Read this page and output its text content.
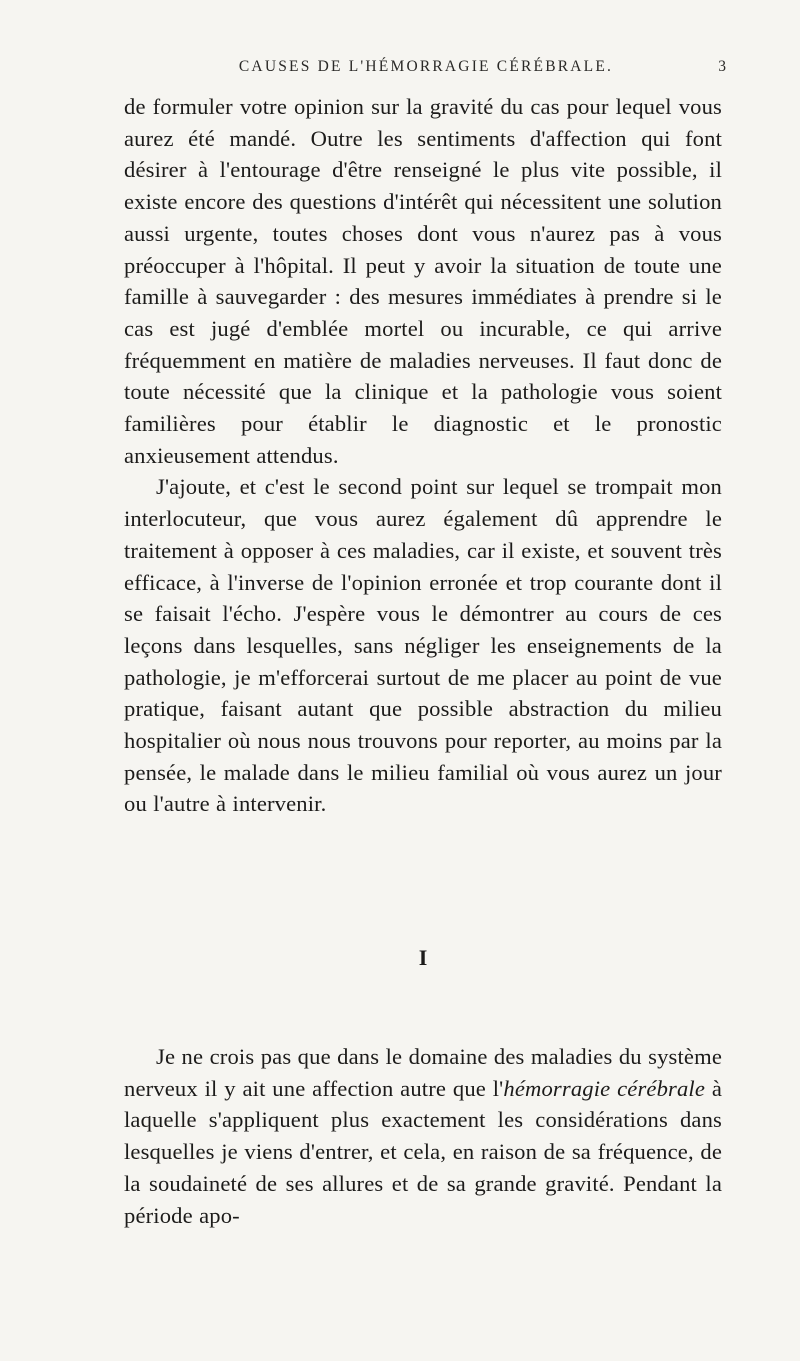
CAUSES DE L'HÉMORRAGIE CÉRÉBRALE.	3

de formuler votre opinion sur la gravité du cas pour lequel vous aurez été mandé. Outre les sentiments d'affection qui font désirer à l'entourage d'être renseigné le plus vite possible, il existe encore des questions d'intérêt qui nécessitent une solution aussi urgente, toutes choses dont vous n'aurez pas à vous préoccuper à l'hôpital. Il peut y avoir la situation de toute une famille à sauvegarder : des mesures immédiates à prendre si le cas est jugé d'emblée mortel ou incurable, ce qui arrive fréquemment en matière de maladies nerveuses. Il faut donc de toute nécessité que la clinique et la pathologie vous soient familières pour établir le diagnostic et le pronostic anxieusement attendus.

J'ajoute, et c'est le second point sur lequel se trompait mon interlocuteur, que vous aurez également dû apprendre le traitement à opposer à ces maladies, car il existe, et souvent très efficace, à l'inverse de l'opinion erronée et trop courante dont il se faisait l'écho. J'espère vous le démontrer au cours de ces leçons dans lesquelles, sans négliger les enseignements de la pathologie, je m'efforcerai surtout de me placer au point de vue pratique, faisant autant que possible abstraction du milieu hospitalier où nous nous trouvons pour reporter, au moins par la pensée, le malade dans le milieu familial où vous aurez un jour ou l'autre à intervenir.

I

Je ne crois pas que dans le domaine des maladies du système nerveux il y ait une affection autre que l'hémorragie cérébrale à laquelle s'appliquent plus exactement les considérations dans lesquelles je viens d'entrer, et cela, en raison de sa fréquence, de la soudaineté de ses allures et de sa grande gravité. Pendant la période apo-
